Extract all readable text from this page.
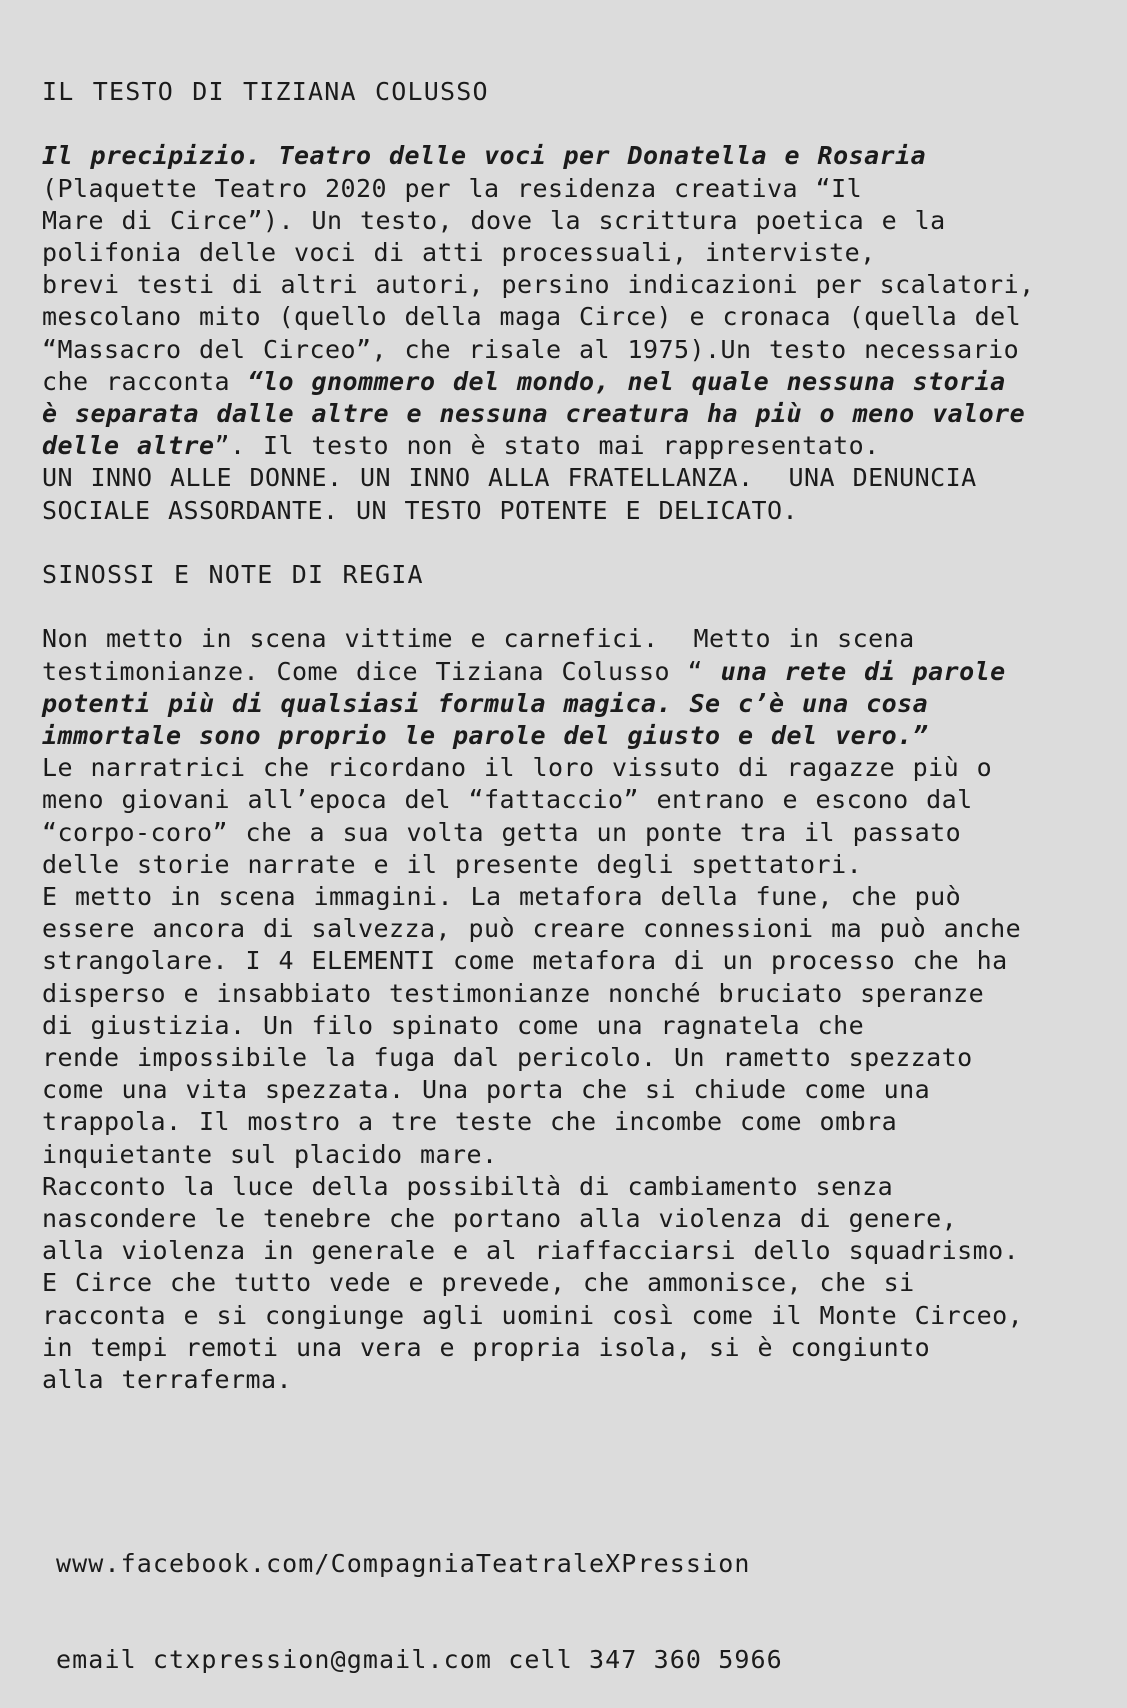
IL TESTO DI TIZIANA COLUSSO

Il precipizio. Teatro delle voci per Donatella e Rosaria

(Plaquette Teatro 2020 per la residenza creativa “Il

Mare di Circe”). Un testo, dove la scrittura poetica e la

polifonia delle voci di atti processuali, interviste,

brevi testi di altri autori, persino indicazioni per scalatori,

mescolano mito (quello della maga Circe) e cronaca (quella del

“Massacro del Circeo”, che risale al 1975).Un testo necessario

che racconta “lo gnommero del mondo, nel quale nessuna storia

è separata dalle altre e nessuna creatura ha più o meno valore

delle altre”. Il testo non è stato mai rappresentato.

UN INNO ALLE DONNE. UN INNO ALLA FRATELLANZA.  UNA DENUNCIA

SOCIALE ASSORDANTE. UN TESTO POTENTE E DELICATO.

SINOSSI E NOTE DI REGIA

Non metto in scena vittime e carnefici.  Metto in scena

testimonianze. Come dice Tiziana Colusso “ una rete di parole

potenti più di qualsiasi formula magica. Se c’è una cosa

immortale sono proprio le parole del giusto e del vero.”

Le narratrici che ricordano il loro vissuto di ragazze più o

meno giovani all’epoca del “fattaccio” entrano e escono dal

“corpo-coro” che a sua volta getta un ponte tra il passato

delle storie narrate e il presente degli spettatori.

E metto in scena immagini. La metafora della fune, che può

essere ancora di salvezza, può creare connessioni ma può anche

strangolare. I 4 ELEMENTI come metafora di un processo che ha

disperso e insabbiato testimonianze nonché bruciato speranze

di giustizia. Un filo spinato come una ragnatela che

rende impossibile la fuga dal pericolo. Un rametto spezzato

come una vita spezzata. Una porta che si chiude come una

trappola. Il mostro a tre teste che incombe come ombra

inquietante sul placido mare.

Racconto la luce della possibiltà di cambiamento senza

nascondere le tenebre che portano alla violenza di genere,

alla violenza in generale e al riaffacciarsi dello squadrismo.

E Circe che tutto vede e prevede, che ammonisce, che si

racconta e si congiunge agli uomini così come il Monte Circeo,

in tempi remoti una vera e propria isola, si è congiunto

alla terraferma.

www.facebook.com/CompagniaTeatraleXPression

email ctxpression@gmail.com cell 347 360 5966
